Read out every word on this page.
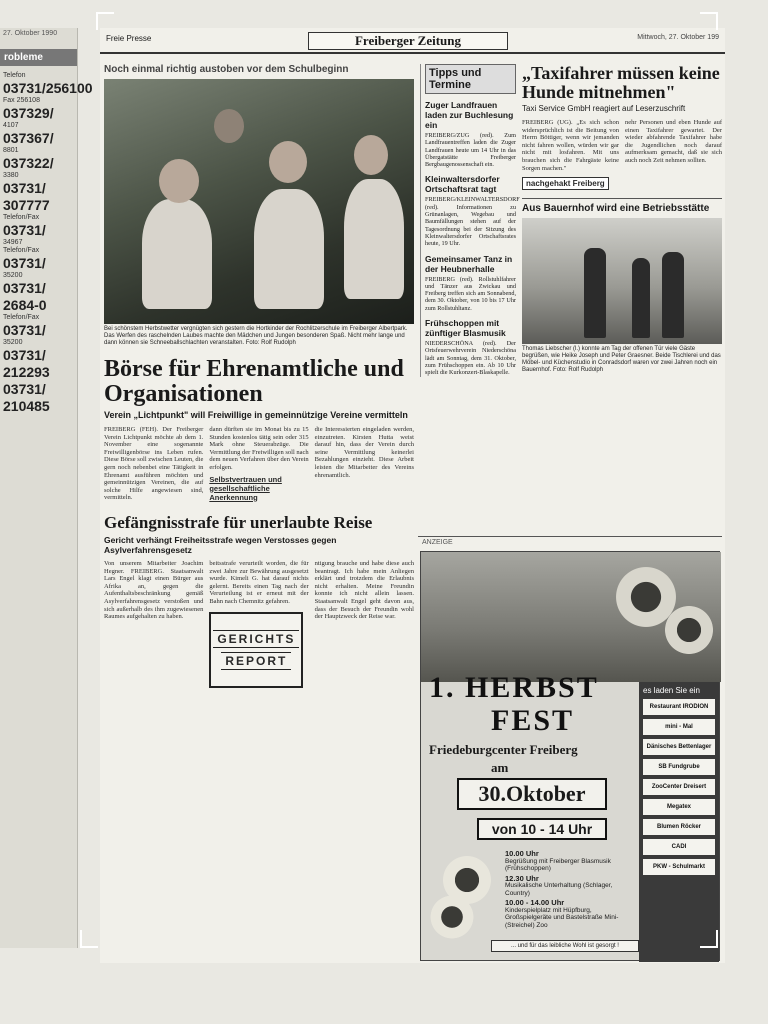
27. Oktober 1990
robleme
Telefon
03731/256100
Fax 256108
037329/
4107
037367/
8801
037322/
3380
03731/
307777
Telefon/Fax
03731/
34967
Telefon/Fax
03731/
35200
03731/
2684-0
Telefon/Fax
03731/
35200
03731/
212293
03731/
210485
Freie Presse	Freiberger Zeitung	Mittwoch, 27. Oktober 199
Noch einmal richtig austoben vor dem Schulbeginn
Bei schönstem Herbstwetter vergnügten sich gestern die Hortkinder der Rochlitzerschule im Freiberger Albertpark. Das Werfen des raschelnden Laubes machte den Mädchen und Jungen besonderen Spaß. Nicht mehr lange und dann können sie Schneeballschlachten veranstalten. Foto: Rolf Rudolph
Börse für Ehrenamtliche und Organisationen
Verein „Lichtpunkt" will Freiwillige in gemeinnützige Vereine vermitteln

FREIBERG (FEH). Der Freiberger Verein Lichtpunkt möchte ab dem 1. November eine sogenannte Freiwilligenbörse ins Leben rufen. Diese Börse soll zwischen Leuten, die gern noch nebenbei eine Tätigkeit in Ehrenamt ausführen möchten und gemeinnützigen Vereinen, die auf solche Hilfe angewiesen sind, vermitteln.

dann dürften sie im Monat bis zu 15 Stunden kostenlos tätig sein oder 315 Mark ohne Steuerabzüge. Die Vermittlung der Freiwilligen soll nach dem neuen Verfahren über den Verein erfolgen.

Selbstvertrauen und gesellschaftliche Anerkennung

die Interessierten eingeladen werden, einzutreten. Kirsten Hutta weist darauf hin, dass der Verein durch seine Vermittlung keinerlei Bezahlungen einzieht. Diese Arbeit leisten die Mitarbeiter des Vereins ehrenamtlich.

Gefängnisstrafe für unerlaubte Reise
Gericht verhängt Freiheitsstrafe wegen Verstosses gegen Asylverfahrensgesetz

Von unserem Mitarbeiter Joachim Hegner. FREIBERG. Staatsanwalt Lars Engel klagt einen Bürger aus Afrika an, gegen die Aufenthaltsbeschränkung gemäß Asylverfahrensgesetz verstoßen und sich außerhalb des ihm zugewiesenen Raumes aufgehalten zu haben.

beitsstrafe verurteilt worden, die für zwei Jahre zur Bewährung ausgesetzt wurde. Kimeli G. hat darauf nichts gelernt. Bereits einen Tag nach der Verurteilung ist er erneut mit der Bahn nach Chemnitz gefahren.

GERICHTS
REPORT

ntigung brauche und habe diese auch beantragt. Ich habe mein Anliegen erklärt und trotzdem die Erlaubnis nicht erhalten. Meine Freundin konnte ich nicht allein lassen. Staatsanwalt Engel geht davon aus, dass der Besuch der Freundin wohl der Hauptzweck der Reise war.

Tipps und Termine
Zuger Landfrauen laden zur Buchlesung ein
FREIBERG/ZUG (red). Zum Landfrauentreffen laden die Zuger Landfrauen heute um 14 Uhr in das Übergatstätte Freiberger Bergbaugenossenschaft ein.
Kleinwaltersdorfer Ortschaftsrat tagt
FREIBERG/KLEINWALTERSDORF (red). Informationen zu Grünanlagen, Wegebau und Baumfällungen stehen auf der Tagesordnung bei der Sitzung des Kleinwaltersdorfer Ortschaftsrates heute, 19 Uhr.
Gemeinsamer Tanz in der Heubnerhalle
FREIBERG (red). Rollstuhlfahrer und Tänzer aus Zwickau und Freiberg treffen sich am Sonnabend, dem 30. Oktober, von 10 bis 17 Uhr zum Rollstuhltanz.
Frühschoppen mit zünftiger Blasmusik
NIEDERSCHÖNA (red). Der Ortsfeuerwehrverein Niederschöna lädt am Sonntag, dem 31. Oktober, zum Frühschoppen ein. Ab 10 Uhr spielt die Kurkonzert-Blaskapelle.
„Taxifahrer müssen keine Hunde mitnehmen"
Taxi Service GmbH reagiert auf Leserzuschrift

FREIBERG (UG). „Es sich schon widersprüchlich ist die Beitung von Herrn Böttiger, wenn wir jemanden nicht fahren wollen, würden wir gar nicht mit losfahren. Mit uns brauchen sich die Fahrgäste keine Sorgen machen."

nachgehakt Freiberg

nehr Personen und eben Hunde auf einen Taxifahrer gewartet. Der wieder abfahrende Taxifahrer habe die Jugendlichen noch darauf aufmerksam gemacht, daß sie sich auch noch Zeit nehmen sollten.

Aus Bauernhof wird eine Betriebsstätte
Thomas Liebscher (l.) konnte am Tag der offenen Tür viele Gäste begrüßen, wie Heike Joseph und Peter Graesner. Beide Tischlerei und das Möbel- und Küchenstudio in Conradsdorf waren vor zwei Jahren noch ein Bauernhof. Foto: Rolf Rudolph
ANZEIGE
1. HERBST
FEST
Friedeburgcenter Freiberg
am
30.Oktober
von 10 - 14 Uhr
10.00 Uhr
Begrüßung mit Freiberger Blasmusik (Frühschoppen)
12.30 Uhr
Musikalische Unterhaltung (Schlager, Country)
10.00 - 14.00 Uhr
Kinderspielplatz mit Hüpfburg, Großspielgeräte und Bastelstraße Mini-(Streichel) Zoo
... und für das leibliche Wohl ist gesorgt !
es laden Sie ein
Restaurant IRODION
mini - Mal
Dänisches Bettenlager
SB Fundgrube
ZooCenter Dreisert
Megatex
Blumen Röcker
CADI
PKW - Schulmarkt
